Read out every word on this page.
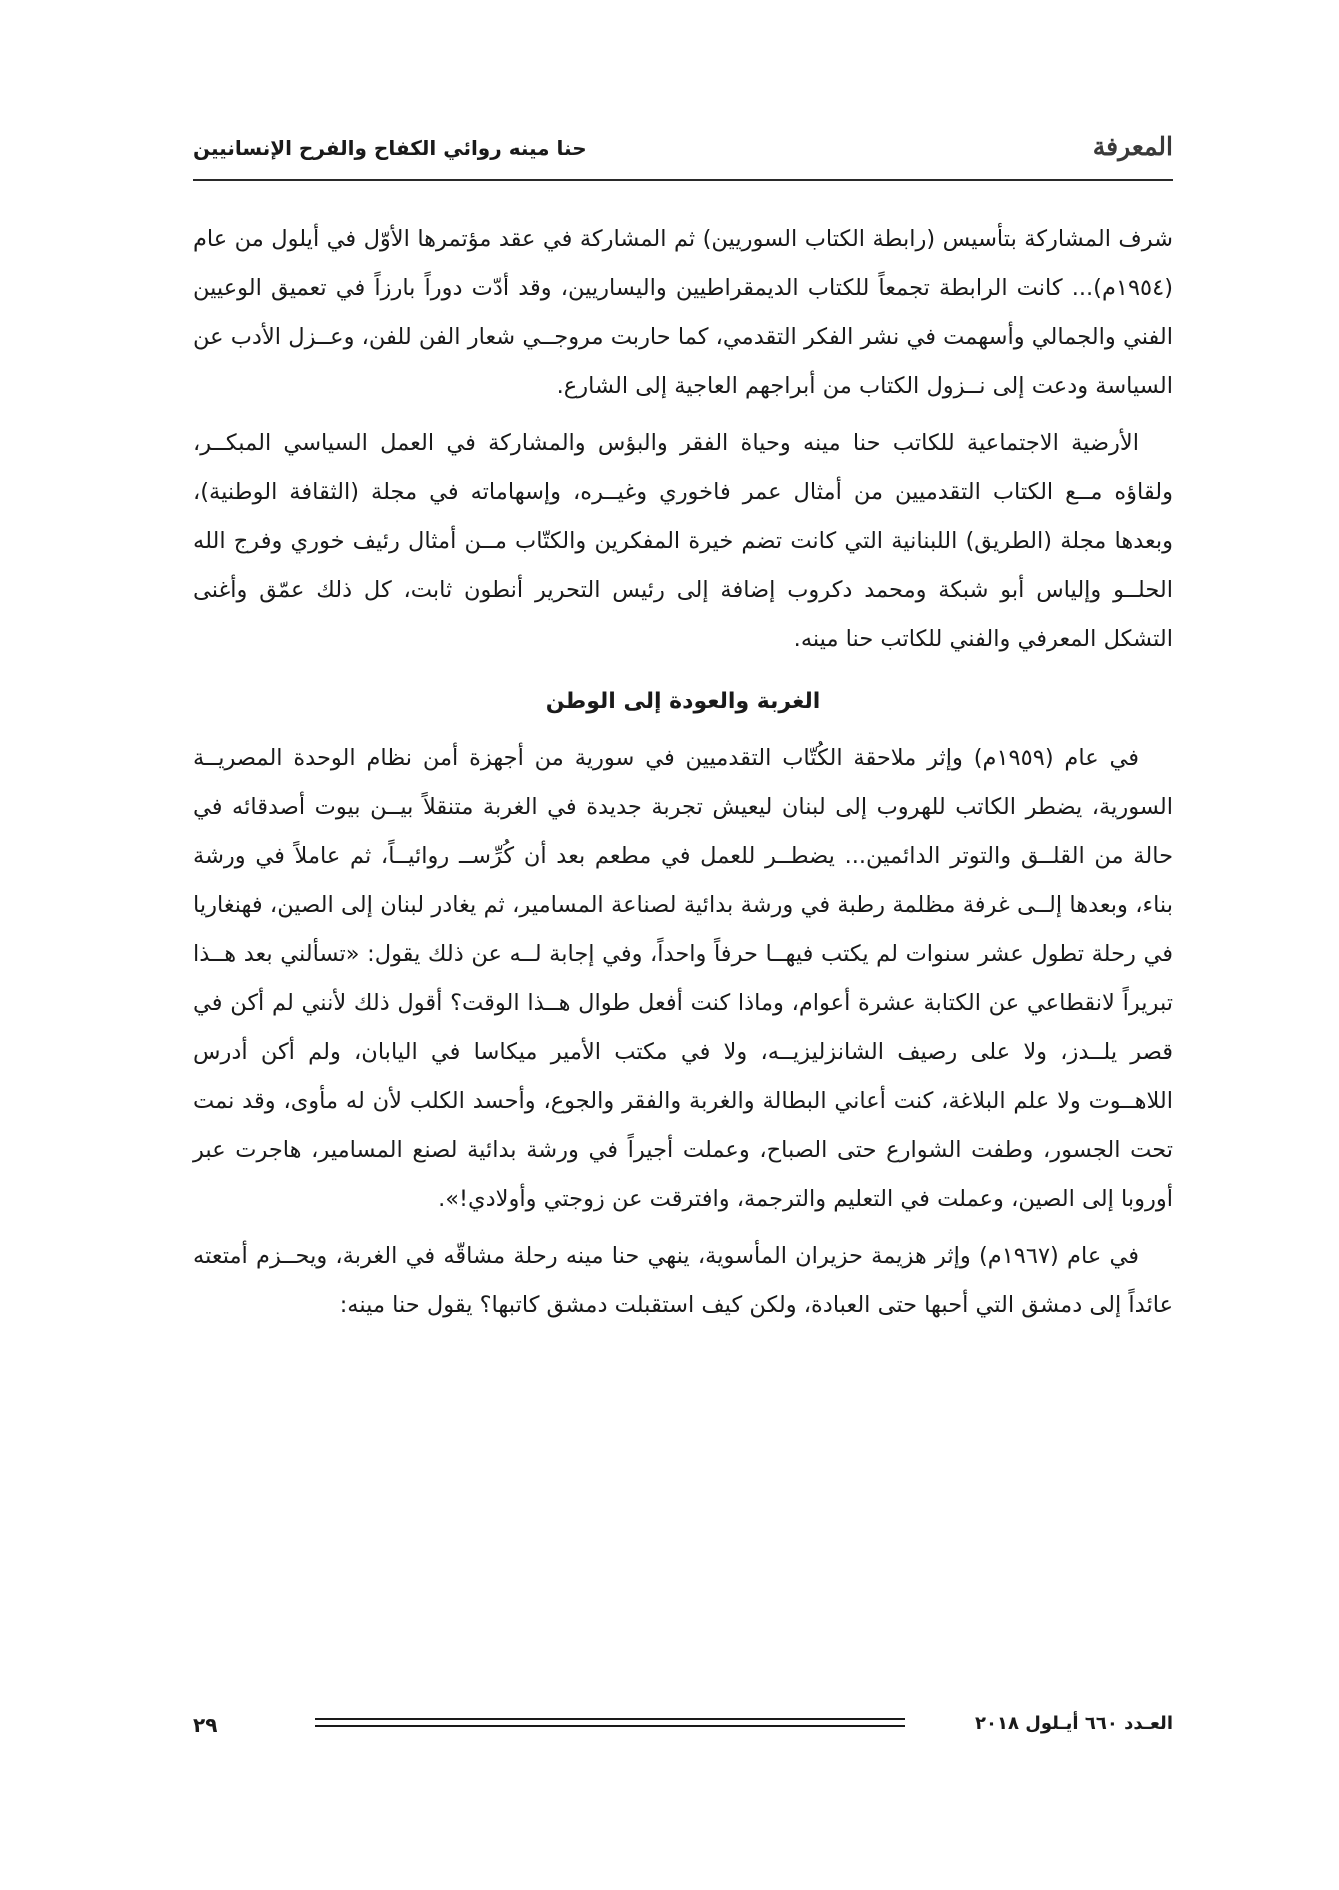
المعرفة
حنا مينه روائي الكفاح والفرح الإنسانيين

شرف المشاركة بتأسيس (رابطة الكتاب السوريين) ثم المشاركة في عقد مؤتمرها الأوّل في أيلول من عام (١٩٥٤م)... كانت الرابطة تجمعاً للكتاب الديمقراطيين واليساريين، وقد أدّت دوراً بارزاً في تعميق الوعيين الفني والجمالي وأسهمت في نشر الفكر التقدمي، كما حاربت مروجــي شعار الفن للفن، وعــزل الأدب عن السياسة ودعت إلى نــزول الكتاب من أبراجهم العاجية إلى الشارع.

الأرضية الاجتماعية للكاتب حنا مينه وحياة الفقر والبؤس والمشاركة في العمل السياسي المبكــر، ولقاؤه مــع الكتاب التقدميين من أمثال عمر فاخوري وغيــره، وإسهاماته في مجلة (الثقافة الوطنية)، وبعدها مجلة (الطريق) اللبنانية التي كانت تضم خيرة المفكرين والكتّاب مــن أمثال رئيف خوري وفرج الله الحلــو وإلياس أبو شبكة ومحمد دكروب إضافة إلى رئيس التحرير أنطون ثابت، كل ذلك عمّق وأغنى التشكل المعرفي والفني للكاتب حنا مينه.

الغربة والعودة إلى الوطن

في عام (١٩٥٩م) وإثر ملاحقة الكُتّاب التقدميين في سورية من أجهزة أمن نظام الوحدة المصريــة السورية، يضطر الكاتب للهروب إلى لبنان ليعيش تجربة جديدة في الغربة متنقلاً بيــن بيوت أصدقائه في حالة من القلــق والتوتر الدائمين... يضطــر للعمل في مطعم بعد أن كُرِّســ روائيــاً، ثم عاملاً في ورشة بناء، وبعدها إلــى غرفة مظلمة رطبة في ورشة بدائية لصناعة المسامير، ثم يغادر لبنان إلى الصين، فهنغاريا في رحلة تطول عشر سنوات لم يكتب فيهــا حرفاً واحداً، وفي إجابة لــه عن ذلك يقول: «تسألني بعد هــذا تبريراً لانقطاعي عن الكتابة عشرة أعوام، وماذا كنت أفعل طوال هــذا الوقت؟ أقول ذلك لأنني لم أكن في قصر يلــدز، ولا على رصيف الشانزليزيــه، ولا في مكتب الأمير ميكاسا في اليابان، ولم أكن أدرس اللاهــوت ولا علم البلاغة، كنت أعاني البطالة والغربة والفقر والجوع، وأحسد الكلب لأن له مأوى، وقد نمت تحت الجسور، وطفت الشوارع حتى الصباح، وعملت أجيراً في ورشة بدائية لصنع المسامير، هاجرت عبر أوروبا إلى الصين، وعملت في التعليم والترجمة، وافترقت عن زوجتي وأولادي!».

في عام (١٩٦٧م) وإثر هزيمة حزيران المأسوية، ينهي حنا مينه رحلة مشاقّه في الغربة، ويحــزم أمتعته عائداً إلى دمشق التي أحبها حتى العبادة، ولكن كيف استقبلت دمشق كاتبها؟ يقول حنا مينه:

العـدد ٦٦٠ أيـلول ٢٠١٨
٢٩
